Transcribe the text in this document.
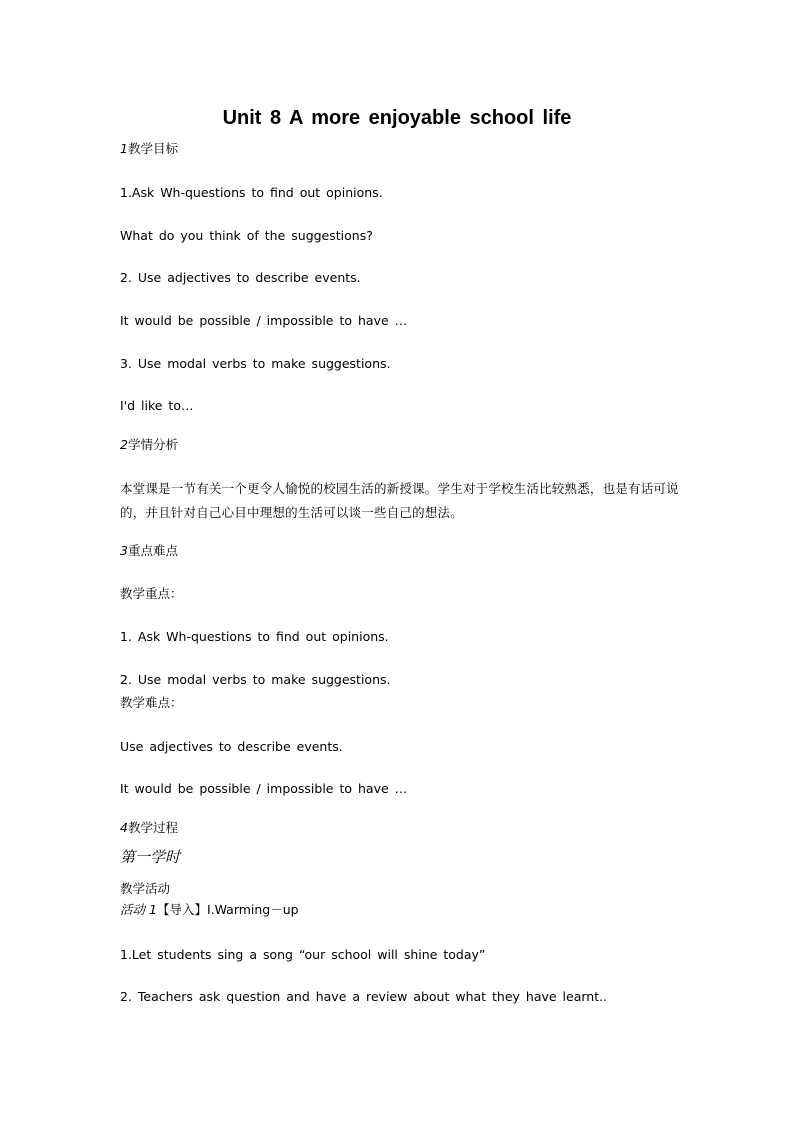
Unit 8 A more enjoyable school life
1教学目标
1.Ask Wh-questions to find out opinions.
What do you think of the suggestions?
2. Use adjectives to describe events.
It would be possible / impossible to have …
3. Use modal verbs to make suggestions.
I'd like to…
2学情分析
本堂课是一节有关一个更令人愉悦的校园生活的新授课。学生对于学校生活比较熟悉，也是有话可说的，并且针对自己心目中理想的生活可以谈一些自己的想法。
3重点难点
教学重点：
1. Ask Wh-questions to find out opinions.
2. Use modal verbs to make suggestions.
教学难点：
Use adjectives to describe events.
It would be possible / impossible to have …
4教学过程
第一学时
教学活动
活动 1【导入】I.Warming－up
1.Let students sing a song “our school will shine today”
2. Teachers ask question and have a review about what they have learnt..
